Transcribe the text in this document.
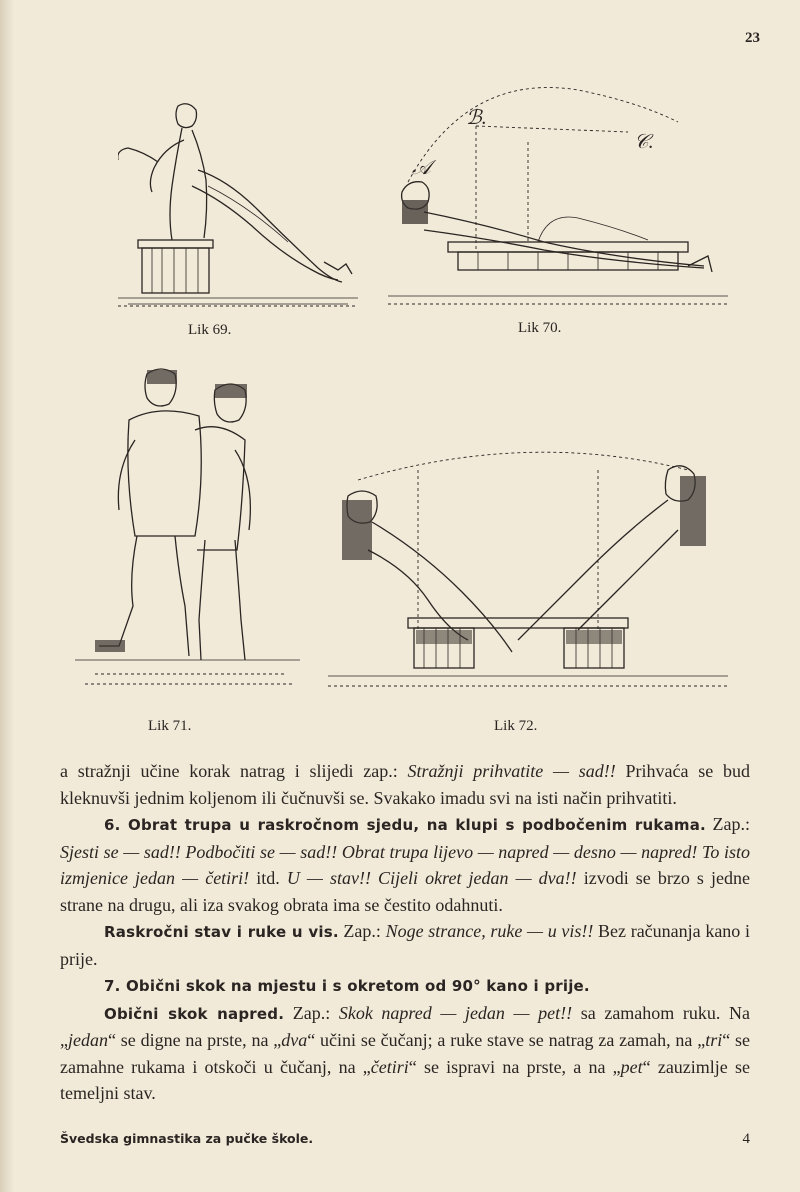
23
Lik 69.
ℬ.
𝒜
𝒞.
Lik 70.
Lik 71.	Lik 72.

a stražnji učine korak natrag i slijedi zap.: Stražnji prihvatite — sad!! Prihvaća se bud kleknuvši jednim koljenom ili čučnuvši se. Svakako imadu svi na isti način prihvatiti.

6. Obrat trupa u raskročnom sjedu, na klupi s podbočenim rukama. Zap.: Sjesti se — sad!! Podbočiti se — sad!! Obrat trupa lijevo — napred — desno — napred! To isto izmjenice jedan — četiri! itd. U — stav!! Cijeli okret jedan — dva!! izvodi se brzo s jedne strane na drugu, ali iza svakog obrata ima se čestito odahnuti.

Raskročni stav i ruke u vis. Zap.: Noge strance, ruke — u vis!! Bez računanja kano i prije.

7. Obični skok na mjestu i s okretom od 90° kano i prije.

Obični skok napred. Zap.: Skok napred — jedan — pet!! sa zamahom ruku. Na „jedan“ se digne na prste, na „dva“ učini se čučanj; a ruke stave se natrag za zamah, na „tri“ se zamahne rukama i otskoči u čučanj, na „četiri“ se ispravi na prste, a na „pet“ zauzimlje se temeljni stav.

Švedska gimnastika za pučke škole.	4
